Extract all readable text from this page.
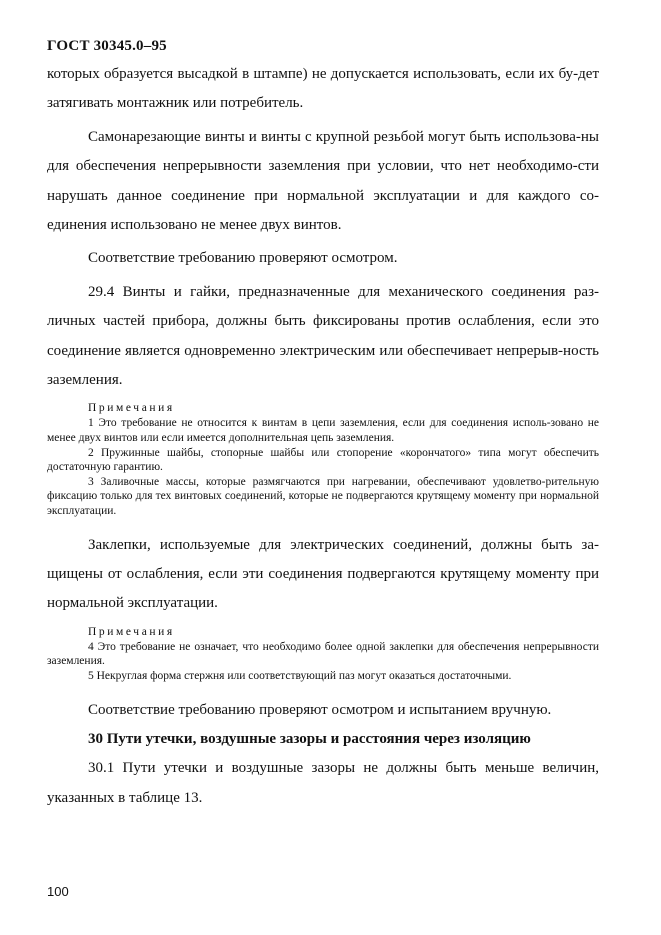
ГОСТ 30345.0–95

которых образуется высадкой в штампе) не допускается использовать, если их бу-дет затягивать монтажник или потребитель.

Самонарезающие винты и винты с крупной резьбой могут быть использова-ны для обеспечения непрерывности заземления при условии, что нет необходимо-сти нарушать данное соединение при нормальной эксплуатации и для каждого со-единения использовано не менее двух винтов.

Соответствие требованию проверяют осмотром.

29.4 Винты и гайки, предназначенные для механического соединения раз-личных частей прибора, должны быть фиксированы против ослабления, если это соединение является одновременно электрическим или обеспечивает непрерыв-ность заземления.

Примечания

1 Это требование не относится к винтам в цепи заземления, если для соединения исполь-зовано не менее двух винтов или если имеется дополнительная цепь заземления.

2 Пружинные шайбы, стопорные шайбы или стопорение «корончатого» типа могут обеспечить достаточную гарантию.

3 Заливочные массы, которые размягчаются при нагревании, обеспечивают удовлетво-рительную фиксацию только для тех винтовых соединений, которые не подвергаются крутящему моменту при нормальной эксплуатации.

Заклепки, используемые для электрических соединений, должны быть за-щищены от ослабления, если эти соединения подвергаются крутящему моменту при нормальной эксплуатации.

Примечания

4 Это требование не означает, что необходимо более одной заклепки для обеспечения непрерывности заземления.

5 Некруглая форма стержня или соответствующий паз могут оказаться достаточными.

Соответствие требованию проверяют осмотром и испытанием вручную.

30 Пути утечки, воздушные зазоры и расстояния через изоляцию

30.1 Пути утечки и воздушные зазоры не должны быть меньше величин, указанных в таблице 13.

100
